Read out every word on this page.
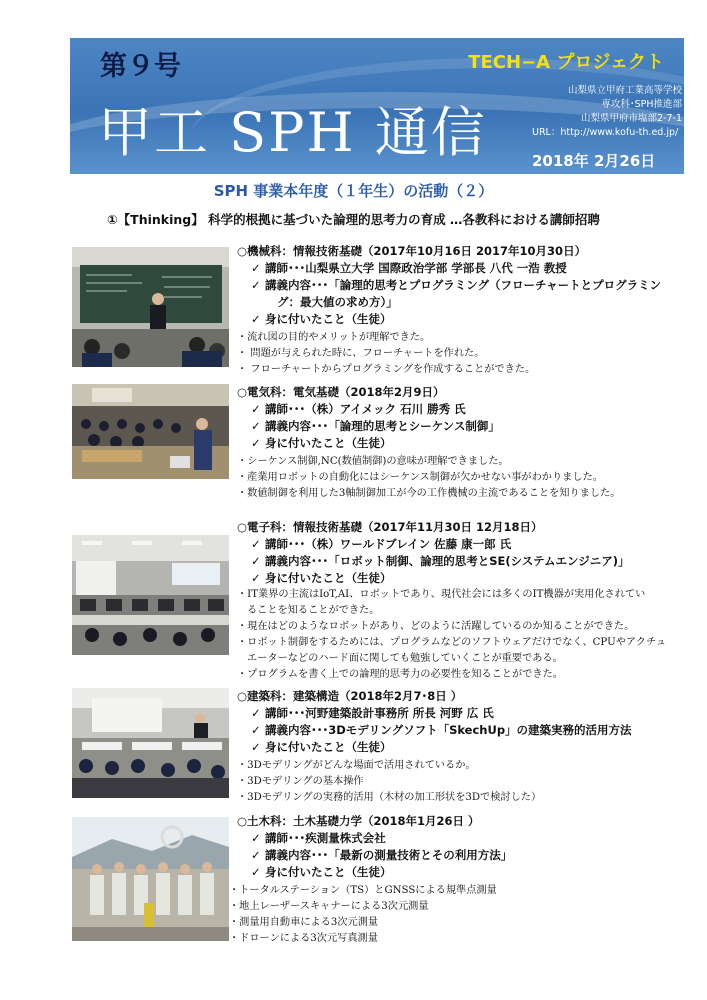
第９号	TECH−A プロジェクト
甲工 SPH 通信
山梨県立甲府工業高等学校
専攻科･SPH推進部
山梨県甲府市塩部2-7-1
URL：http://www.kofu-th.ed.jp/
2018年 2月26日
SPH 事業本年度（１年生）の活動（２）
①【Thinking】 科学的根拠に基づいた論理的思考力の育成 …各教科における講師招聘
○機械科：情報技術基礎（2017年10月16日 2017年10月30日）
✓ 講師･･･山梨県立大学 国際政治学部 学部長 八代 一浩 教授
✓ 講義内容･･･「論理的思考とプログラミング（フローチャートとプログラミン
グ：最大値の求め方）」
✓ 身に付いたこと（生徒）
・流れ図の目的やメリットが理解できた。
・ 問題が与えられた時に、フローチャートを作れた。
・ フローチャートからプログラミングを作成することができた。
○電気科：電気基礎（2018年2月9日）
✓ 講師･･･（株）アイメック 石川 勝秀 氏
✓ 講義内容･･･「論理的思考とシーケンス制御」
✓ 身に付いたこと（生徒）
・シーケンス制御,NC(数値制御)の意味が理解できました。
・産業用ロボットの自動化にはシーケンス制御が欠かせない事がわかりました。
・数値制御を利用した3軸制御加工が今の工作機械の主流であることを知りました。
○電子科：情報技術基礎（2017年11月30日 12月18日）
✓ 講師･･･（株）ワールドブレイン 佐藤 康一郎 氏
✓ 講義内容･･･「ロボット制御、論理的思考とSE(システムエンジニア)」
✓ 身に付いたこと（生徒）
・IT業界の主流はIoT,AI、ロボットであり、現代社会には多くのIT機器が実用化されてい
ることを知ることができた。
・現在はどのようなロボットがあり、どのように活躍しているのか知ることができた。
・ロボット制御をするためには、プログラムなどのソフトウェアだけでなく、CPUやアクチュ
エーターなどのハード面に関しても勉強していくことが重要である。
・プログラムを書く上での論理的思考力の必要性を知ることができた。
○建築科：建築構造（2018年2月7･8日 ）
✓ 講師･･･河野建築設計事務所 所長 河野 広 氏
✓ 講義内容･･･3Dモデリングソフト「SkechUp」の建築実務的活用方法
✓ 身に付いたこと（生徒）
・3Dモデリングがどんな場面で活用されているか。
・3Dモデリングの基本操作
・3Dモデリングの実務的活用（木材の加工形状を3Dで検討した）
○土木科：土木基礎力学（2018年1月26日 ）
✓ 講師･･･疾測量株式会社
✓ 講義内容･･･「最新の測量技術とその利用方法」
✓ 身に付いたこと（生徒）
・トータルステーション（TS）とGNSSによる規準点測量
・地上レーザースキャナーによる3次元測量
・測量用自動車による3次元測量
・ドローンによる3次元写真測量
